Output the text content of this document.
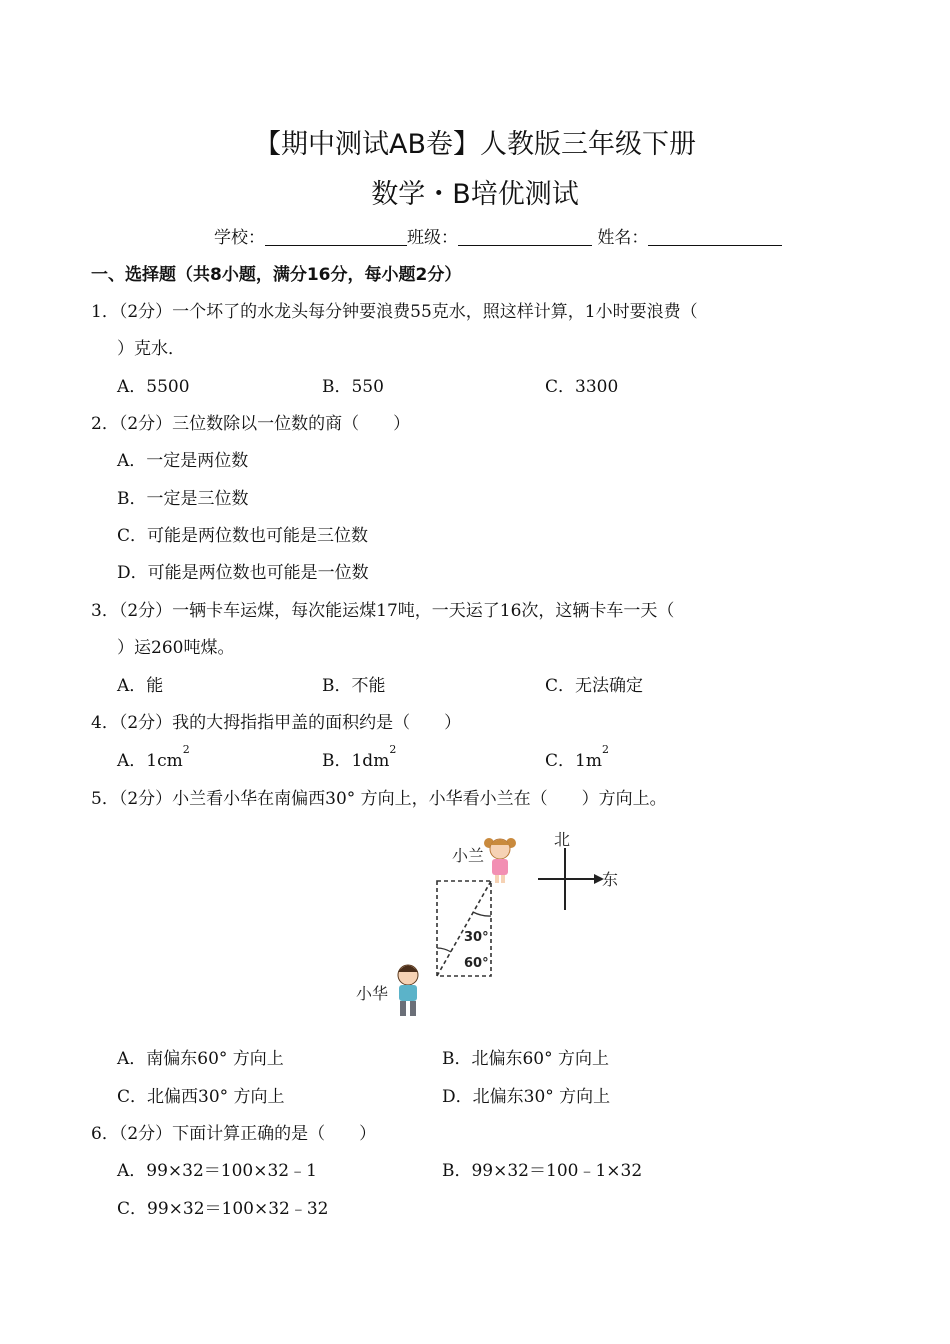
【期中测试AB卷】人教版三年级下册
数学・B培优测试
学校：	班级：	姓名：
一、选择题（共8小题，满分16分，每小题2分）
1．（2分）一个坏了的水龙头每分钟要浪费55克水，照这样计算，1小时要浪费（
）克水．
A．5500	B．550	C．3300
2．（2分）三位数除以一位数的商（　　）
A．一定是两位数
B．一定是三位数
C．可能是两位数也可能是三位数
D．可能是两位数也可能是一位数
3．（2分）一辆卡车运煤，每次能运煤17吨，一天运了16次，这辆卡车一天（
）运260吨煤。
A．能	B．不能	C．无法确定
4．（2分）我的大拇指指甲盖的面积约是（　　）
A．$1cm^2$
B．$1dm^2$
C．$1m^2$
5．（2分）小兰看小华在南偏西30° 方向上，小华看小兰在（　　）方向上。
北
东
30°
60°
小兰
小华
A．南偏东60° 方向上	B．北偏东60° 方向上
C．北偏西30° 方向上	D．北偏东30° 方向上
6．（2分）下面计算正确的是（　　）
A．99×32＝100×32﹣1	B．99×32＝100﹣1×32
C．99×32＝100×32﹣32
